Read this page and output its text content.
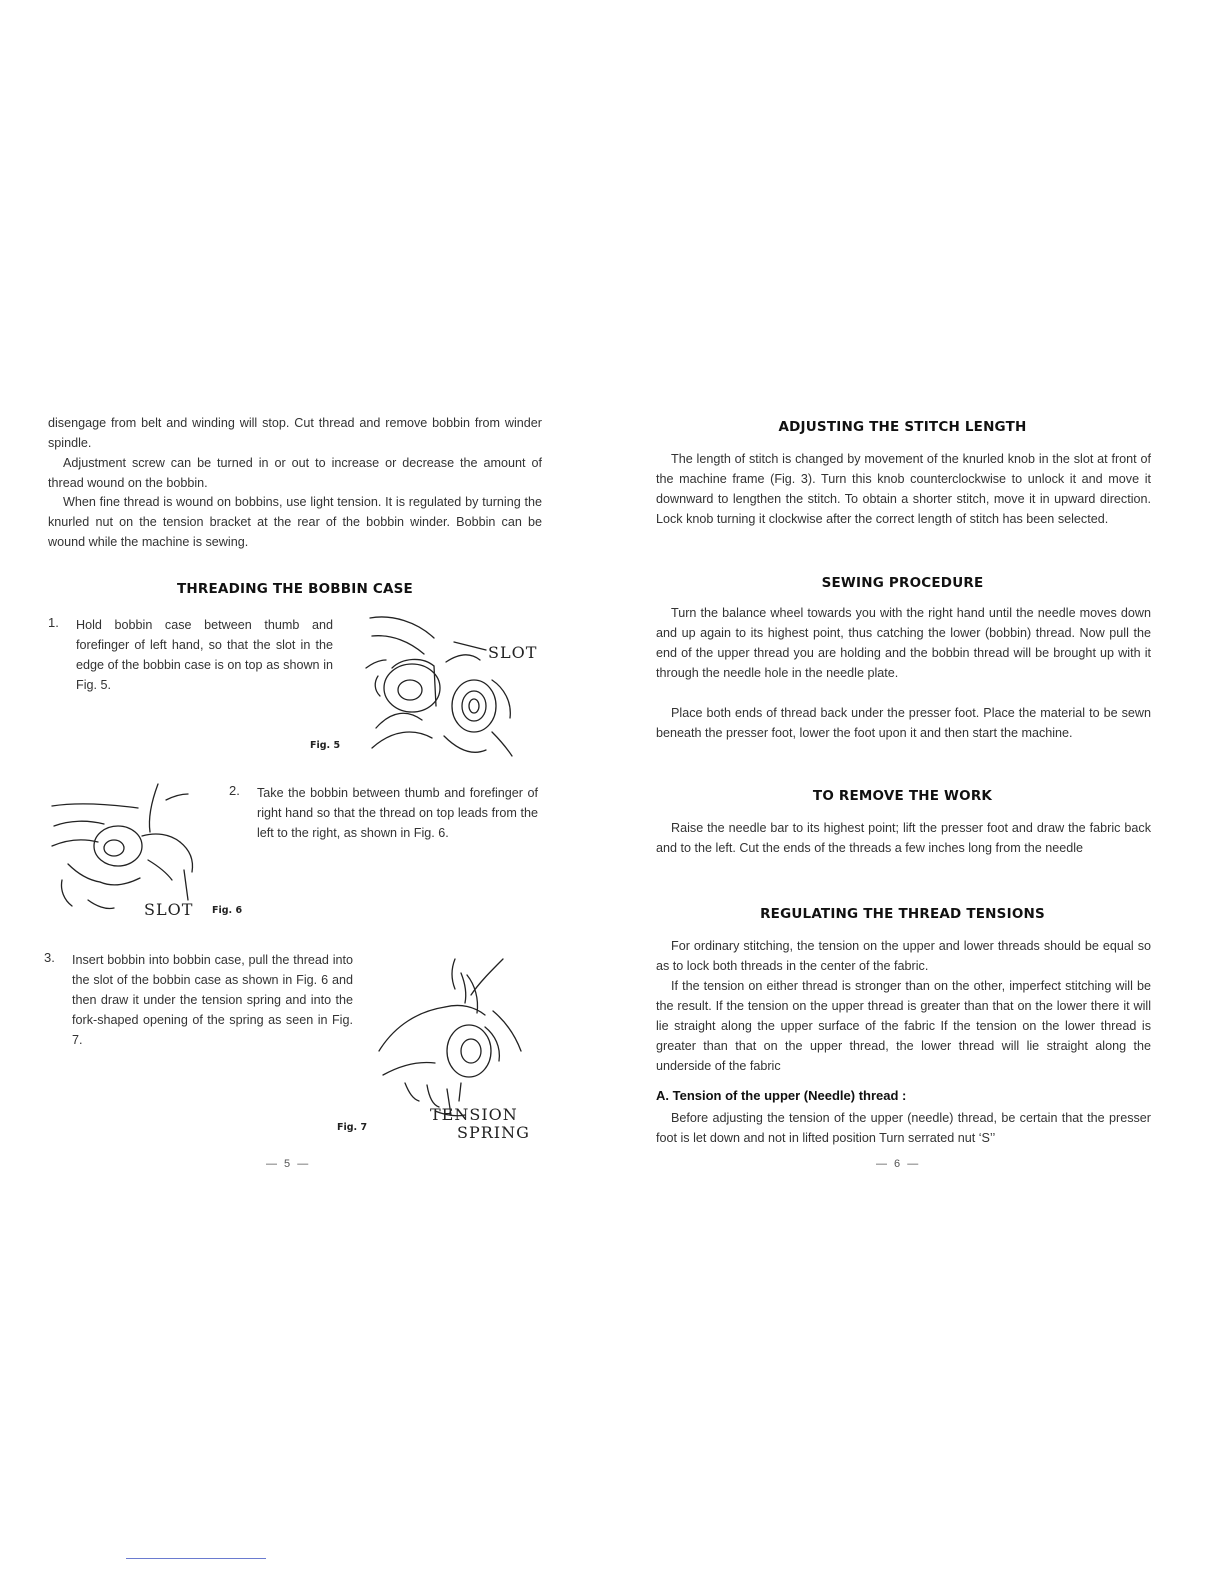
disengage from belt and winding will stop. Cut thread and remove bobbin from winder spindle.

Adjustment screw can be turned in or out to increase or decrease the amount of thread wound on the bobbin.

When fine thread is wound on bobbins, use light tension. It is regulated by turning the knurled nut on the tension bracket at the rear of the bobbin winder. Bobbin can be wound while the machine is sewing.

THREADING THE BOBBIN CASE
1. Hold bobbin case between thumb and forefinger of left hand, so that the slot in the edge of the bobbin case is on top as shown in Fig. 5.

SLOT
Fig. 5
SLOT Fig. 6
2. Take the bobbin between thumb and forefinger of right hand so that the thread on top leads from the left to the right, as shown in Fig. 6.

3. Insert bobbin into bobbin case, pull the thread into the slot of the bobbin case as shown in Fig. 6 and then draw it under the tension spring and into the fork-shaped opening of the spring as seen in Fig. 7.

TENSION
SPRING
Fig. 7
— 5 —
ADJUSTING THE STITCH LENGTH

The length of stitch is changed by movement of the knurled knob in the slot at front of the machine frame (Fig. 3). Turn this knob counterclockwise to unlock it and move it downward to lengthen the stitch. To obtain a shorter stitch, move it in upward direction. Lock knob turning it clockwise after the correct length of stitch has been selected.

SEWING PROCEDURE

Turn the balance wheel towards you with the right hand until the needle moves down and up again to its highest point, thus catching the lower (bobbin) thread. Now pull the end of the upper thread you are holding and the bobbin thread will be brought up with it through the needle hole in the needle plate.

Place both ends of thread back under the presser foot. Place the material to be sewn beneath the presser foot, lower the foot upon it and then start the machine.

TO REMOVE THE WORK

Raise the needle bar to its highest point; lift the presser foot and draw the fabric back and to the left. Cut the ends of the threads a few inches long from the needle

REGULATING THE THREAD TENSIONS

For ordinary stitching, the tension on the upper and lower threads should be equal so as to lock both threads in the center of the fabric.

If the tension on either thread is stronger than on the other, imperfect stitching will be the result. If the tension on the upper thread is greater than that on the lower there it will lie straight along the upper surface of the fabric If the tension on the lower thread is greater than that on the upper thread, the lower thread will lie straight along the underside of the fabric

A. Tension of the upper (Needle) thread :

Before adjusting the tension of the upper (needle) thread, be certain that the presser foot is let down and not in lifted position Turn serrated nut ‘S’’

— 6 —
